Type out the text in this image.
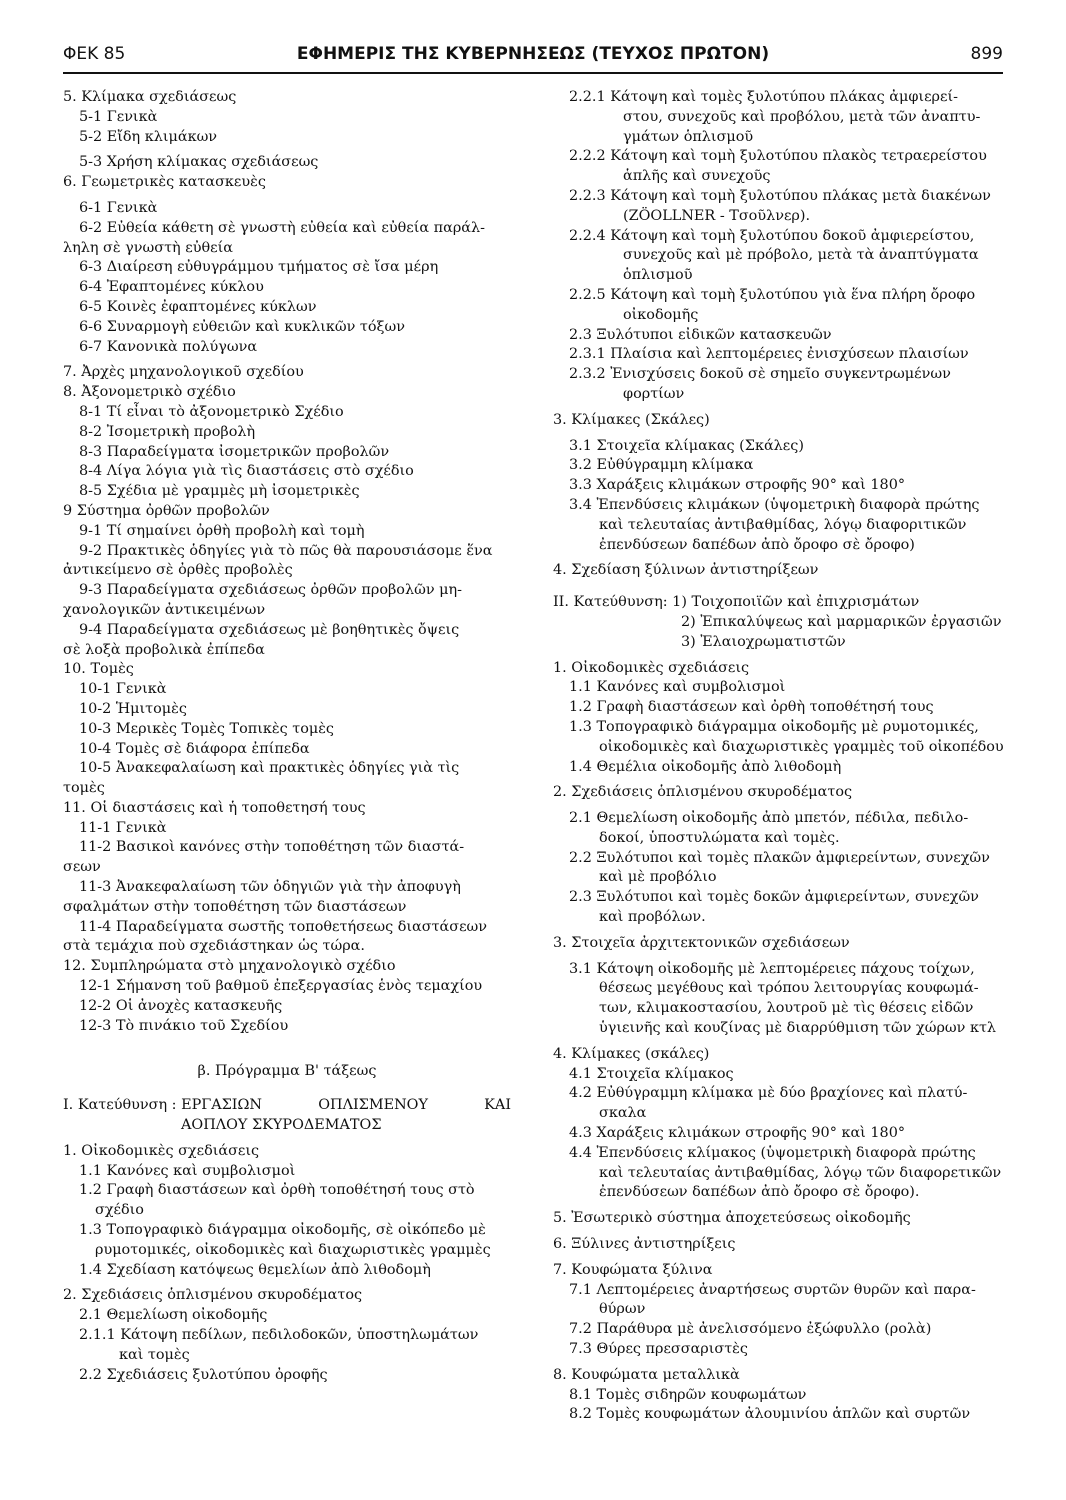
ΦΕΚ 85	ΕΦΗΜΕΡΙΣ ΤΗΣ ΚΥΒΕΡΝΗΣΕΩΣ (ΤΕΥΧΟΣ ΠΡΩΤΟΝ)	899
5. Κλίμακα σχεδιάσεως
5-1 Γενικὰ
5-2 Εἴδη κλιμάκων
5-3 Χρήση κλίμακας σχεδιάσεως
6. Γεωμετρικὲς κατασκευὲς
6-1 Γενικὰ
6-2 Εὐθεία κάθετη σὲ γνωστὴ εὐθεία καὶ εὐθεία παράλ-
ληλη σὲ γνωστὴ εὐθεία
6-3 Διαίρεση εὐθυγράμμου τμήματος σὲ ἴσα μέρη
6-4 Ἐφαπτομένες κύκλου
6-5 Κοινὲς ἐφαπτομένες κύκλων
6-6 Συναρμογὴ εὐθειῶν καὶ κυκλικῶν τόξων
6-7 Κανονικὰ πολύγωνα
7. Ἀρχὲς μηχανολογικοῦ σχεδίου
8. Ἀξονομετρικὸ σχέδιο
8-1 Τί εἶναι τὸ ἀξονομετρικὸ Σχέδιο
8-2 Ἰσομετρικὴ προβολὴ
8-3 Παραδείγματα ἰσομετρικῶν προβολῶν
8-4 Λίγα λόγια γιὰ τὶς διαστάσεις στὸ σχέδιο
8-5 Σχέδια μὲ γραμμὲς μὴ ἰσομετρικὲς
9 Σύστημα ὀρθῶν προβολῶν
9-1 Τί σημαίνει ὀρθὴ προβολὴ καὶ τομὴ
9-2 Πρακτικὲς ὁδηγίες γιὰ τὸ πῶς θὰ παρουσιάσομε ἕνα
ἀντικείμενο σὲ ὀρθὲς προβολὲς
9-3 Παραδείγματα σχεδιάσεως ὀρθῶν προβολῶν μη-
χανολογικῶν ἀντικειμένων
9-4 Παραδείγματα σχεδιάσεως μὲ βοηθητικὲς ὄψεις
σὲ λοξὰ προβολικὰ ἐπίπεδα
10. Τομὲς
10-1 Γενικὰ
10-2 Ἡμιτομὲς
10-3 Μερικὲς Τομὲς Τοπικὲς τομὲς
10-4 Τομὲς σὲ διάφορα ἐπίπεδα
10-5 Ἀνακεφαλαίωση καὶ πρακτικὲς ὁδηγίες γιὰ τὶς
τομὲς
11. Οἱ διαστάσεις καὶ ἡ τοποθετησή τους
11-1 Γενικὰ
11-2 Βασικοὶ κανόνες στὴν τοποθέτηση τῶν διαστά-
σεων
11-3 Ἀνακεφαλαίωση τῶν ὁδηγιῶν γιὰ τὴν ἀποφυγὴ
σφαλμάτων στὴν τοποθέτηση τῶν διαστάσεων
11-4 Παραδείγματα σωστῆς τοποθετήσεως διαστάσεων
στὰ τεμάχια ποὺ σχεδιάστηκαν ὡς τώρα.
12. Συμπληρώματα στὸ μηχανολογικὸ σχέδιο
12-1 Σήμανση τοῦ βαθμοῦ ἐπεξεργασίας ἑνὸς τεμαχίου
12-2 Οἱ ἀνοχὲς κατασκευῆς
12-3 Τὸ πινάκιο τοῦ Σχεδίου
β. Πρόγραμμα Β' τάξεως
Ι. Κατεύθυνση : ΕΡΓΑΣΙΩΝ	ΟΠΛΙΣΜΕΝΟΥ	ΚΑΙ
ΑΟΠΛΟΥ ΣΚΥΡΟΔΕΜΑΤΟΣ
1. Οἰκοδομικὲς σχεδιάσεις
1.1 Κανόνες καὶ συμβολισμοὶ
1.2 Γραφὴ διαστάσεων καὶ ὀρθὴ τοποθέτησή τους στὸ
σχέδιο
1.3 Τοπογραφικὸ διάγραμμα οἰκοδομῆς, σὲ οἰκόπεδο μὲ
ρυμοτομικές, οἰκοδομικὲς καὶ διαχωριστικὲς γραμμὲς
1.4 Σχεδίαση κατόψεως θεμελίων ἀπὸ λιθοδομὴ
2. Σχεδιάσεις ὁπλισμένου σκυροδέματος
2.1 Θεμελίωση οἰκοδομῆς
2.1.1 Κάτοψη πεδίλων, πεδιλοδοκῶν, ὑποστηλωμάτων
καὶ τομὲς
2.2 Σχεδιάσεις ξυλοτύπου ὀροφῆς
2.2.1 Κάτοψη καὶ τομὲς ξυλοτύπου πλάκας ἀμφιερεί-
στου, συνεχοῦς καὶ προβόλου, μετὰ τῶν ἀναπτυ-
γμάτων ὁπλισμοῦ
2.2.2 Κάτοψη καὶ τομὴ ξυλοτύπου πλακὸς τετραερείστου
ἁπλῆς καὶ συνεχοῦς
2.2.3 Κάτοψη καὶ τομὴ ξυλοτύπου πλάκας μετὰ διακένων
(ZÖOLLNER - Τσοῦλνερ).
2.2.4 Κάτοψη καὶ τομὴ ξυλοτύπου δοκοῦ ἀμφιερείστου,
συνεχοῦς καὶ μὲ πρόβολο, μετὰ τὰ ἀναπτύγματα
ὁπλισμοῦ
2.2.5 Κάτοψη καὶ τομὴ ξυλοτύπου γιὰ ἕνα πλήρη ὄροφο
οἰκοδομῆς
2.3 Ξυλότυποι εἰδικῶν κατασκευῶν
2.3.1 Πλαίσια καὶ λεπτομέρειες ἐνισχύσεων πλαισίων
2.3.2 Ἐνισχύσεις δοκοῦ σὲ σημεῖο συγκεντρωμένων
φορτίων
3. Κλίμακες (Σκάλες)
3.1 Στοιχεῖα κλίμακας (Σκάλες)
3.2 Εὐθύγραμμη κλίμακα
3.3 Χαράξεις κλιμάκων στροφῆς 90° καὶ 180°
3.4 Ἐπενδύσεις κλιμάκων (ὑψομετρικὴ διαφορὰ πρώτης
καὶ τελευταίας ἀντιβαθμίδας, λόγῳ διαφοριτικῶν
ἐπενδύσεων δαπέδων ἀπὸ ὄροφο σὲ ὄροφο)
4. Σχεδίαση ξύλινων ἀντιστηρίξεων
ΙΙ. Κατεύθυνση: 1) Τοιχοποιϊῶν καὶ ἐπιχρισμάτων
2) Ἐπικαλύψεως καὶ μαρμαρικῶν ἐργασιῶν
3) Ἐλαιοχρωματιστῶν
1. Οἰκοδομικὲς σχεδιάσεις
1.1 Κανόνες καὶ συμβολισμοὶ
1.2 Γραφὴ διαστάσεων καὶ ὀρθὴ τοποθέτησή τους
1.3 Τοπογραφικὸ διάγραμμα οἰκοδομῆς μὲ ρυμοτομικές,
οἰκοδομικὲς καὶ διαχωριστικὲς γραμμὲς τοῦ οἰκοπέδου
1.4 Θεμέλια οἰκοδομῆς ἀπὸ λιθοδομὴ
2. Σχεδιάσεις ὁπλισμένου σκυροδέματος
2.1 Θεμελίωση οἰκοδομῆς ἀπὸ μπετόν, πέδιλα, πεδιλο-
δοκοί, ὑποστυλώματα καὶ τομὲς.
2.2 Ξυλότυποι καὶ τομὲς πλακῶν ἀμφιερείντων, συνεχῶν
καὶ μὲ προβόλιο
2.3 Ξυλότυποι καὶ τομὲς δοκῶν ἀμφιερείντων, συνεχῶν
καὶ προβόλων.
3. Στοιχεῖα ἀρχιτεκτονικῶν σχεδιάσεων
3.1 Κάτοψη οἰκοδομῆς μὲ λεπτομέρειες πάχους τοίχων,
θέσεως μεγέθους καὶ τρόπου λειτουργίας κουφωμά-
των, κλιμακοστασίου, λουτροῦ μὲ τὶς θέσεις εἰδῶν
ὑγιεινῆς καὶ κουζίνας μὲ διαρρύθμιση τῶν χώρων κτλ
4. Κλίμακες (σκάλες)
4.1 Στοιχεῖα κλίμακος
4.2 Εὐθύγραμμη κλίμακα μὲ δύο βραχίονες καὶ πλατύ-
σκαλα
4.3 Χαράξεις κλιμάκων στροφῆς 90° καὶ 180°
4.4 Ἐπενδύσεις κλίμακος (ὑψομετρικὴ διαφορὰ πρώτης
καὶ τελευταίας ἀντιβαθμίδας, λόγῳ τῶν διαφορετικῶν
ἐπενδύσεων δαπέδων ἀπὸ ὄροφο σὲ ὄροφο).
5. Ἐσωτερικὸ σύστημα ἀποχετεύσεως οἰκοδομῆς
6. Ξύλινες ἀντιστηρίξεις
7. Κουφώματα ξύλινα
7.1 Λεπτομέρειες ἀναρτήσεως συρτῶν θυρῶν καὶ παρα-
θύρων
7.2 Παράθυρα μὲ ἀνελισσόμενο ἐξώφυλλο (ρολὰ)
7.3 Θύρες πρεσσαριστὲς
8. Κουφώματα μεταλλικὰ
8.1 Τομὲς σιδηρῶν κουφωμάτων
8.2 Τομὲς κουφωμάτων ἀλουμινίου ἁπλῶν καὶ συρτῶν
